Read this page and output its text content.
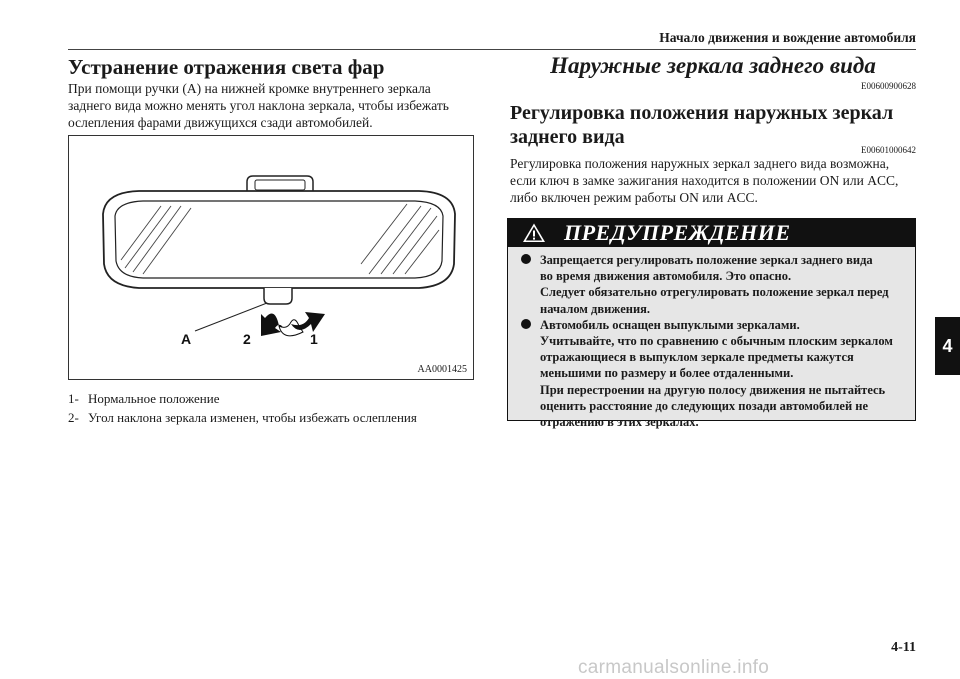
Начало движения и вождение автомобиля
Устранение отражения света фар
При помощи ручки (A) на нижней кромке внутреннего зеркала
заднего вида можно менять угол наклона зеркала, чтобы избежать
ослепления фарами движущихся сзади автомобилей.
A	2	1
AA0001425
1- Нормальное положение
2- Угол наклона зеркала изменен, чтобы избежать ослепления
Наружные зеркала заднего вида
E00600900628
Регулировка положения наружных зеркал
заднего вида
E00601000642
Регулировка положения наружных зеркал заднего вида возможна,
если ключ в замке зажигания находится в положении ON или ACC,
либо включен режим работы ON или ACC.
ПРЕДУПРЕЖДЕНИЕ
Запрещается регулировать положение зеркал заднего вида
во время движения автомобиля. Это опасно.
Следует обязательно отрегулировать положение зеркал перед
началом движения.
Автомобиль оснащен выпуклыми зеркалами.
Учитывайте, что по сравнению с обычным плоским зеркалом
отражающиеся в выпуклом зеркале предметы кажутся
меньшими по размеру и более отдаленными.
При перестроении на другую полосу движения не пытайтесь
оценить расстояние до следующих позади автомобилей не
отражению в этих зеркалах.
4
4-11
carmanualsonline.info
